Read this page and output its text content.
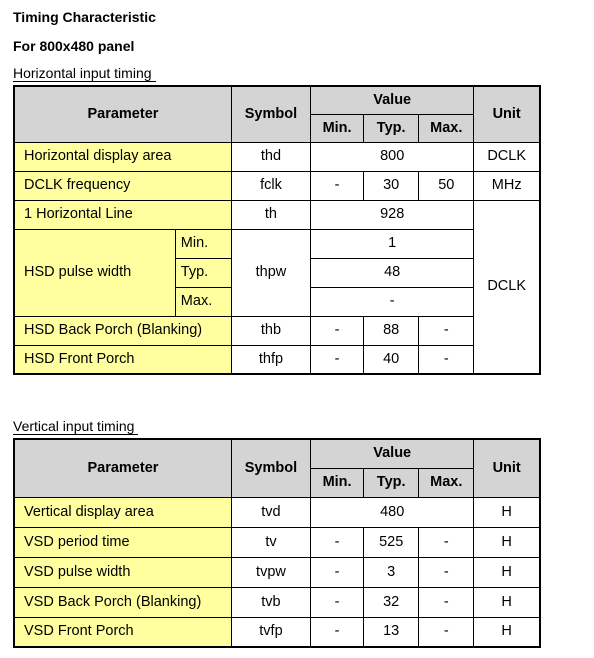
Timing Characteristic
For 800x480 panel
Horizontal input timing
Parameter		Symbol	Value			Unit
			Min.	Typ.	Max.	
Horizontal display area		thd	800			DCLK
DCLK frequency		fclk	-	30	50	MHz
1 Horizontal Line		th	928			DCLK
HSD pulse width	Min.	thpw	1			
	Typ.		48			
	Max.		-			
HSD Back Porch (Blanking)		thb	-	88	-	
HSD Front Porch		thfp	-	40	-	
Vertical input timing
Parameter	Symbol	Value			Unit
		Min.	Typ.	Max.	
Vertical display area	tvd	480			H
VSD period time	tv	-	525	-	H
VSD pulse width	tvpw	-	3	-	H
VSD Back Porch (Blanking)	tvb	-	32	-	H
VSD Front Porch	tvfp	-	13	-	H
